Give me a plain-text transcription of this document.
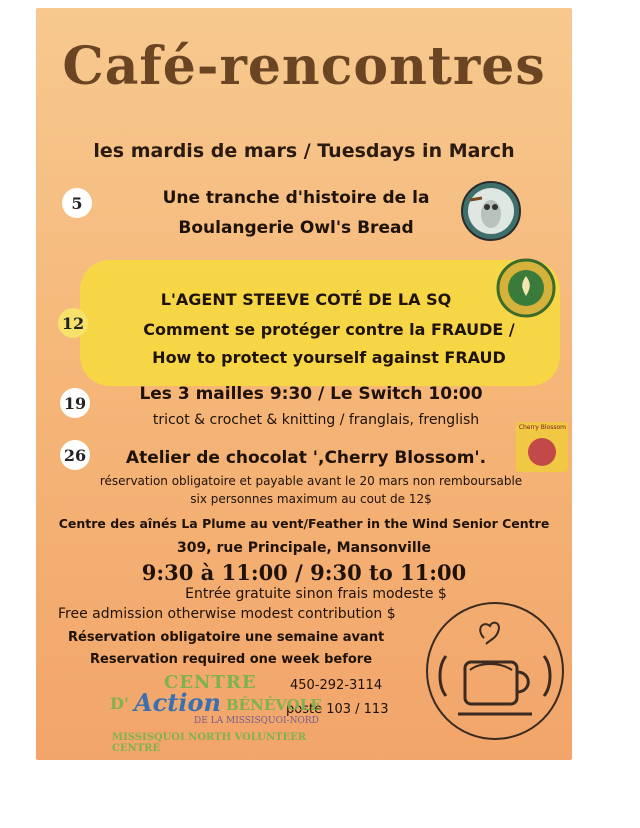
Café-rencontres
les mardis de mars / Tuesdays in March
5	Une tranche d'histoire de la
Boulangerie Owl's Bread
L'AGENT STEEVE COTÉ DE LA SQ
12	Comment se protéger contre la FRAUDE /
How to protect yourself against FRAUD
19	Les 3 mailles 9:30 / Le Switch 10:00
tricot & crochet & knitting / franglais, frenglish
26	Atelier de chocolat ',Cherry Blossom'.
réservation obligatoire et payable avant le 20 mars non remboursable
six personnes maximum au cout de 12$
Cherry Blossom
Centre des aînés La Plume au vent/Feather in the Wind Senior Centre
309, rue Principale, Mansonville
9:30 à 11:00 / 9:30 to 11:00
Entrée gratuite sinon frais modeste $
Free admission otherwise modest contribution $
Réservation obligatoire une semaine avant
Reservation required one week before
450-292-3114
poste 103 / 113
CENTRE
D' Action BÉNÉVOLE
DE LA MISSISQUOI-NORD
MISSISQUOI NORTH VOLUNTEER CENTRE
